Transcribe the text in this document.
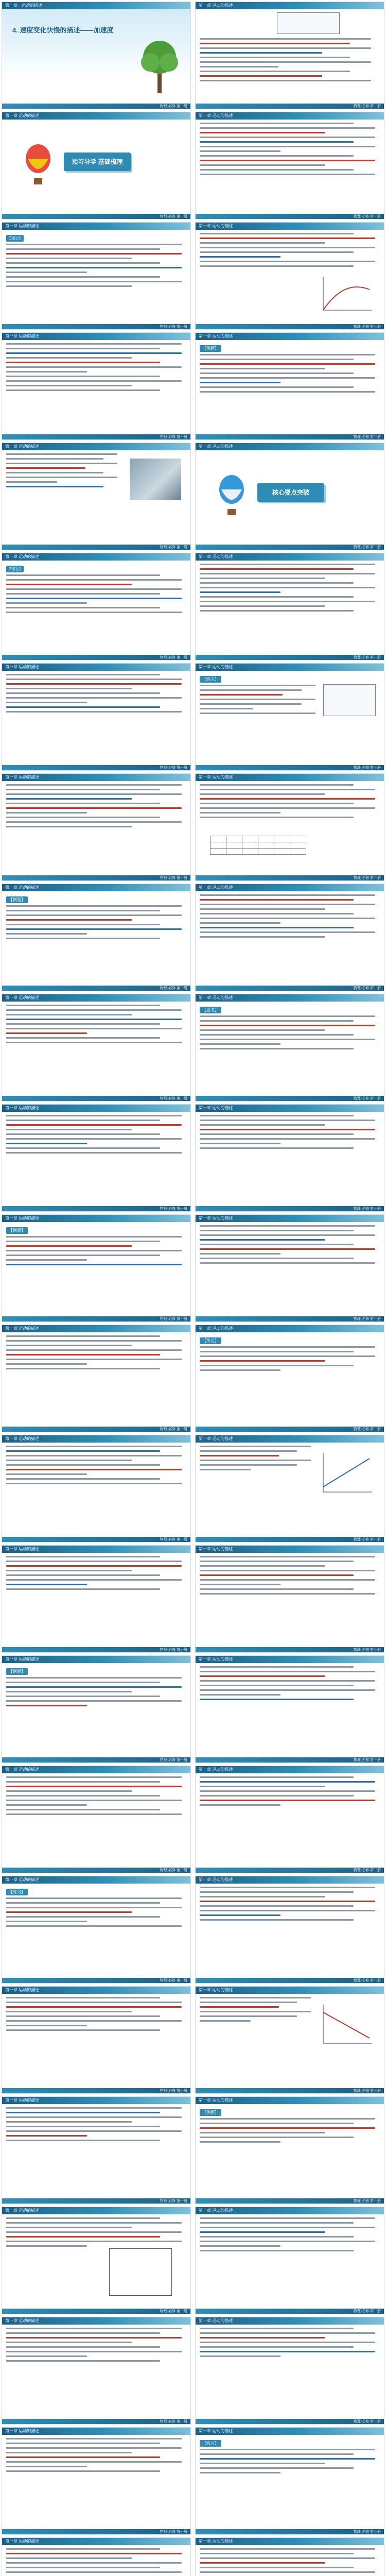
第一章　运动的描述
4. 速度变化快慢的描述——加速度
物理·必修 第一册
第一章 运动的描述
物理·必修 第一册
第一章 运动的描述
预习导学 基础梳理
物理·必修 第一册
第一章 运动的描述
物理·必修 第一册
第一章 运动的描述
知识点
物理·必修 第一册
第一章 运动的描述
物理·必修 第一册
第一章 运动的描述
物理·必修 第一册
第一章 运动的描述
【例题】
物理·必修 第一册
第一章 运动的描述
物理·必修 第一册
第一章 运动的描述
核心要点突破
物理·必修 第一册
第一章 运动的描述
知识点
物理·必修 第一册
第一章 运动的描述
物理·必修 第一册
第一章 运动的描述
物理·必修 第一册
第一章 运动的描述
【练习】
物理·必修 第一册
第一章 运动的描述
物理·必修 第一册
第一章 运动的描述

物理·必修 第一册
第一章 运动的描述
【例题】
物理·必修 第一册
第一章 运动的描述
物理·必修 第一册
第一章 运动的描述
物理·必修 第一册
第一章 运动的描述
【思考】
物理·必修 第一册
第一章 运动的描述
物理·必修 第一册
第一章 运动的描述
物理·必修 第一册
第一章 运动的描述
【例题】
物理·必修 第一册
第一章 运动的描述
物理·必修 第一册
第一章 运动的描述
物理·必修 第一册
第一章 运动的描述
【练习】
物理·必修 第一册
第一章 运动的描述
物理·必修 第一册
第一章 运动的描述
物理·必修 第一册
第一章 运动的描述
物理·必修 第一册
第一章 运动的描述
物理·必修 第一册
第一章 运动的描述
【例题】
物理·必修 第一册
第一章 运动的描述
物理·必修 第一册
第一章 运动的描述
物理·必修 第一册
第一章 运动的描述
物理·必修 第一册
第一章 运动的描述
【练习】
物理·必修 第一册
第一章 运动的描述
物理·必修 第一册
第一章 运动的描述
物理·必修 第一册
第一章 运动的描述
物理·必修 第一册
第一章 运动的描述
物理·必修 第一册
第一章 运动的描述
【例题】
物理·必修 第一册
第一章 运动的描述
物理·必修 第一册
第一章 运动的描述
物理·必修 第一册
第一章 运动的描述
物理·必修 第一册
第一章 运动的描述
物理·必修 第一册
第一章 运动的描述
物理·必修 第一册
第一章 运动的描述
【练习】
物理·必修 第一册
第一章 运动的描述	第一章 运动的描述
